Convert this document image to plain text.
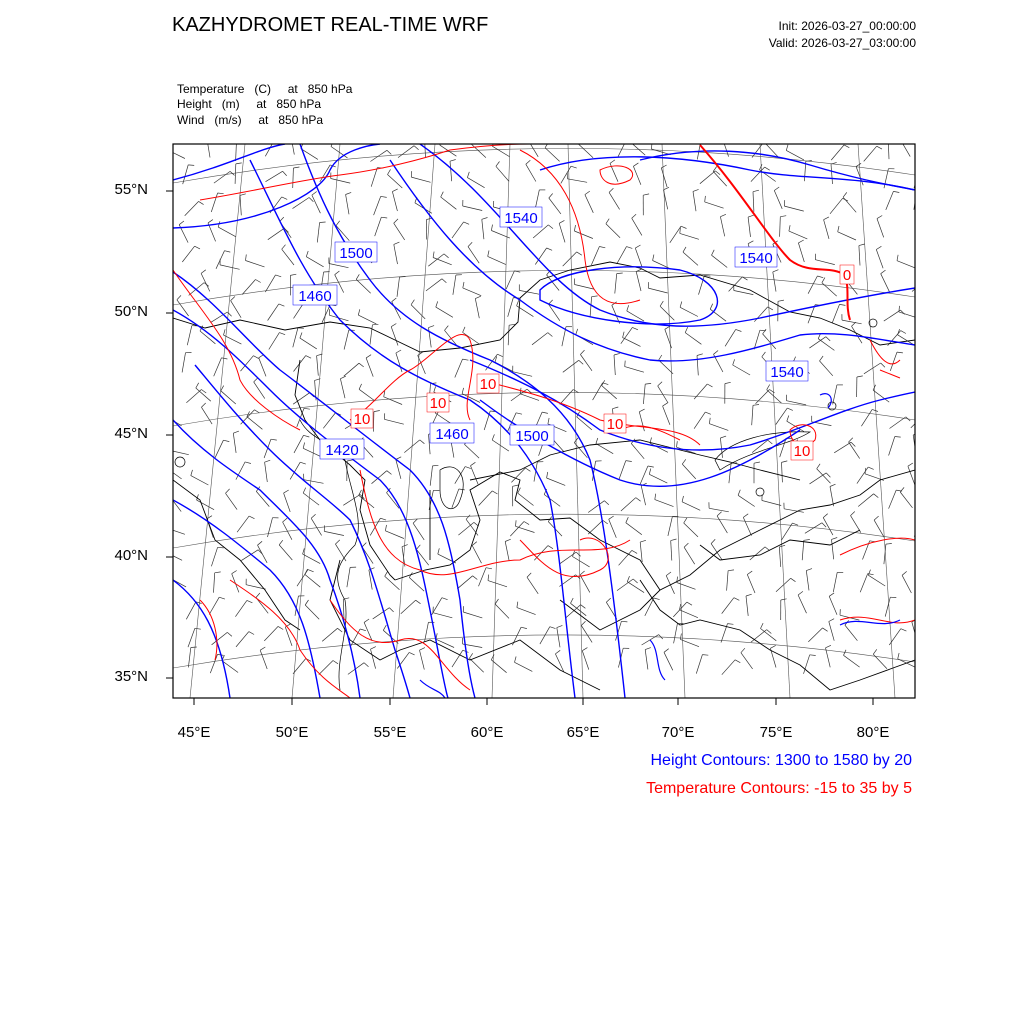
1540
1500	1540
1460
1540
1460	1500
1420
10
10
10	10
10
0
KAZHYDROMET REAL-TIME WRF	Init: 2026-03-27_00:00:00
Valid: 2026-03-27_03:00:00
Temperature   (C)     at   850 hPa
Height   (m)     at   850 hPa
Wind   (m/s)     at   850 hPa
55°N
50°N
45°N
40°N
35°N
45°E	50°E	55°E	60°E	65°E	70°E	75°E	80°E
Height Contours: 1300 to 1580 by 20
Temperature Contours: -15 to 35 by 5
